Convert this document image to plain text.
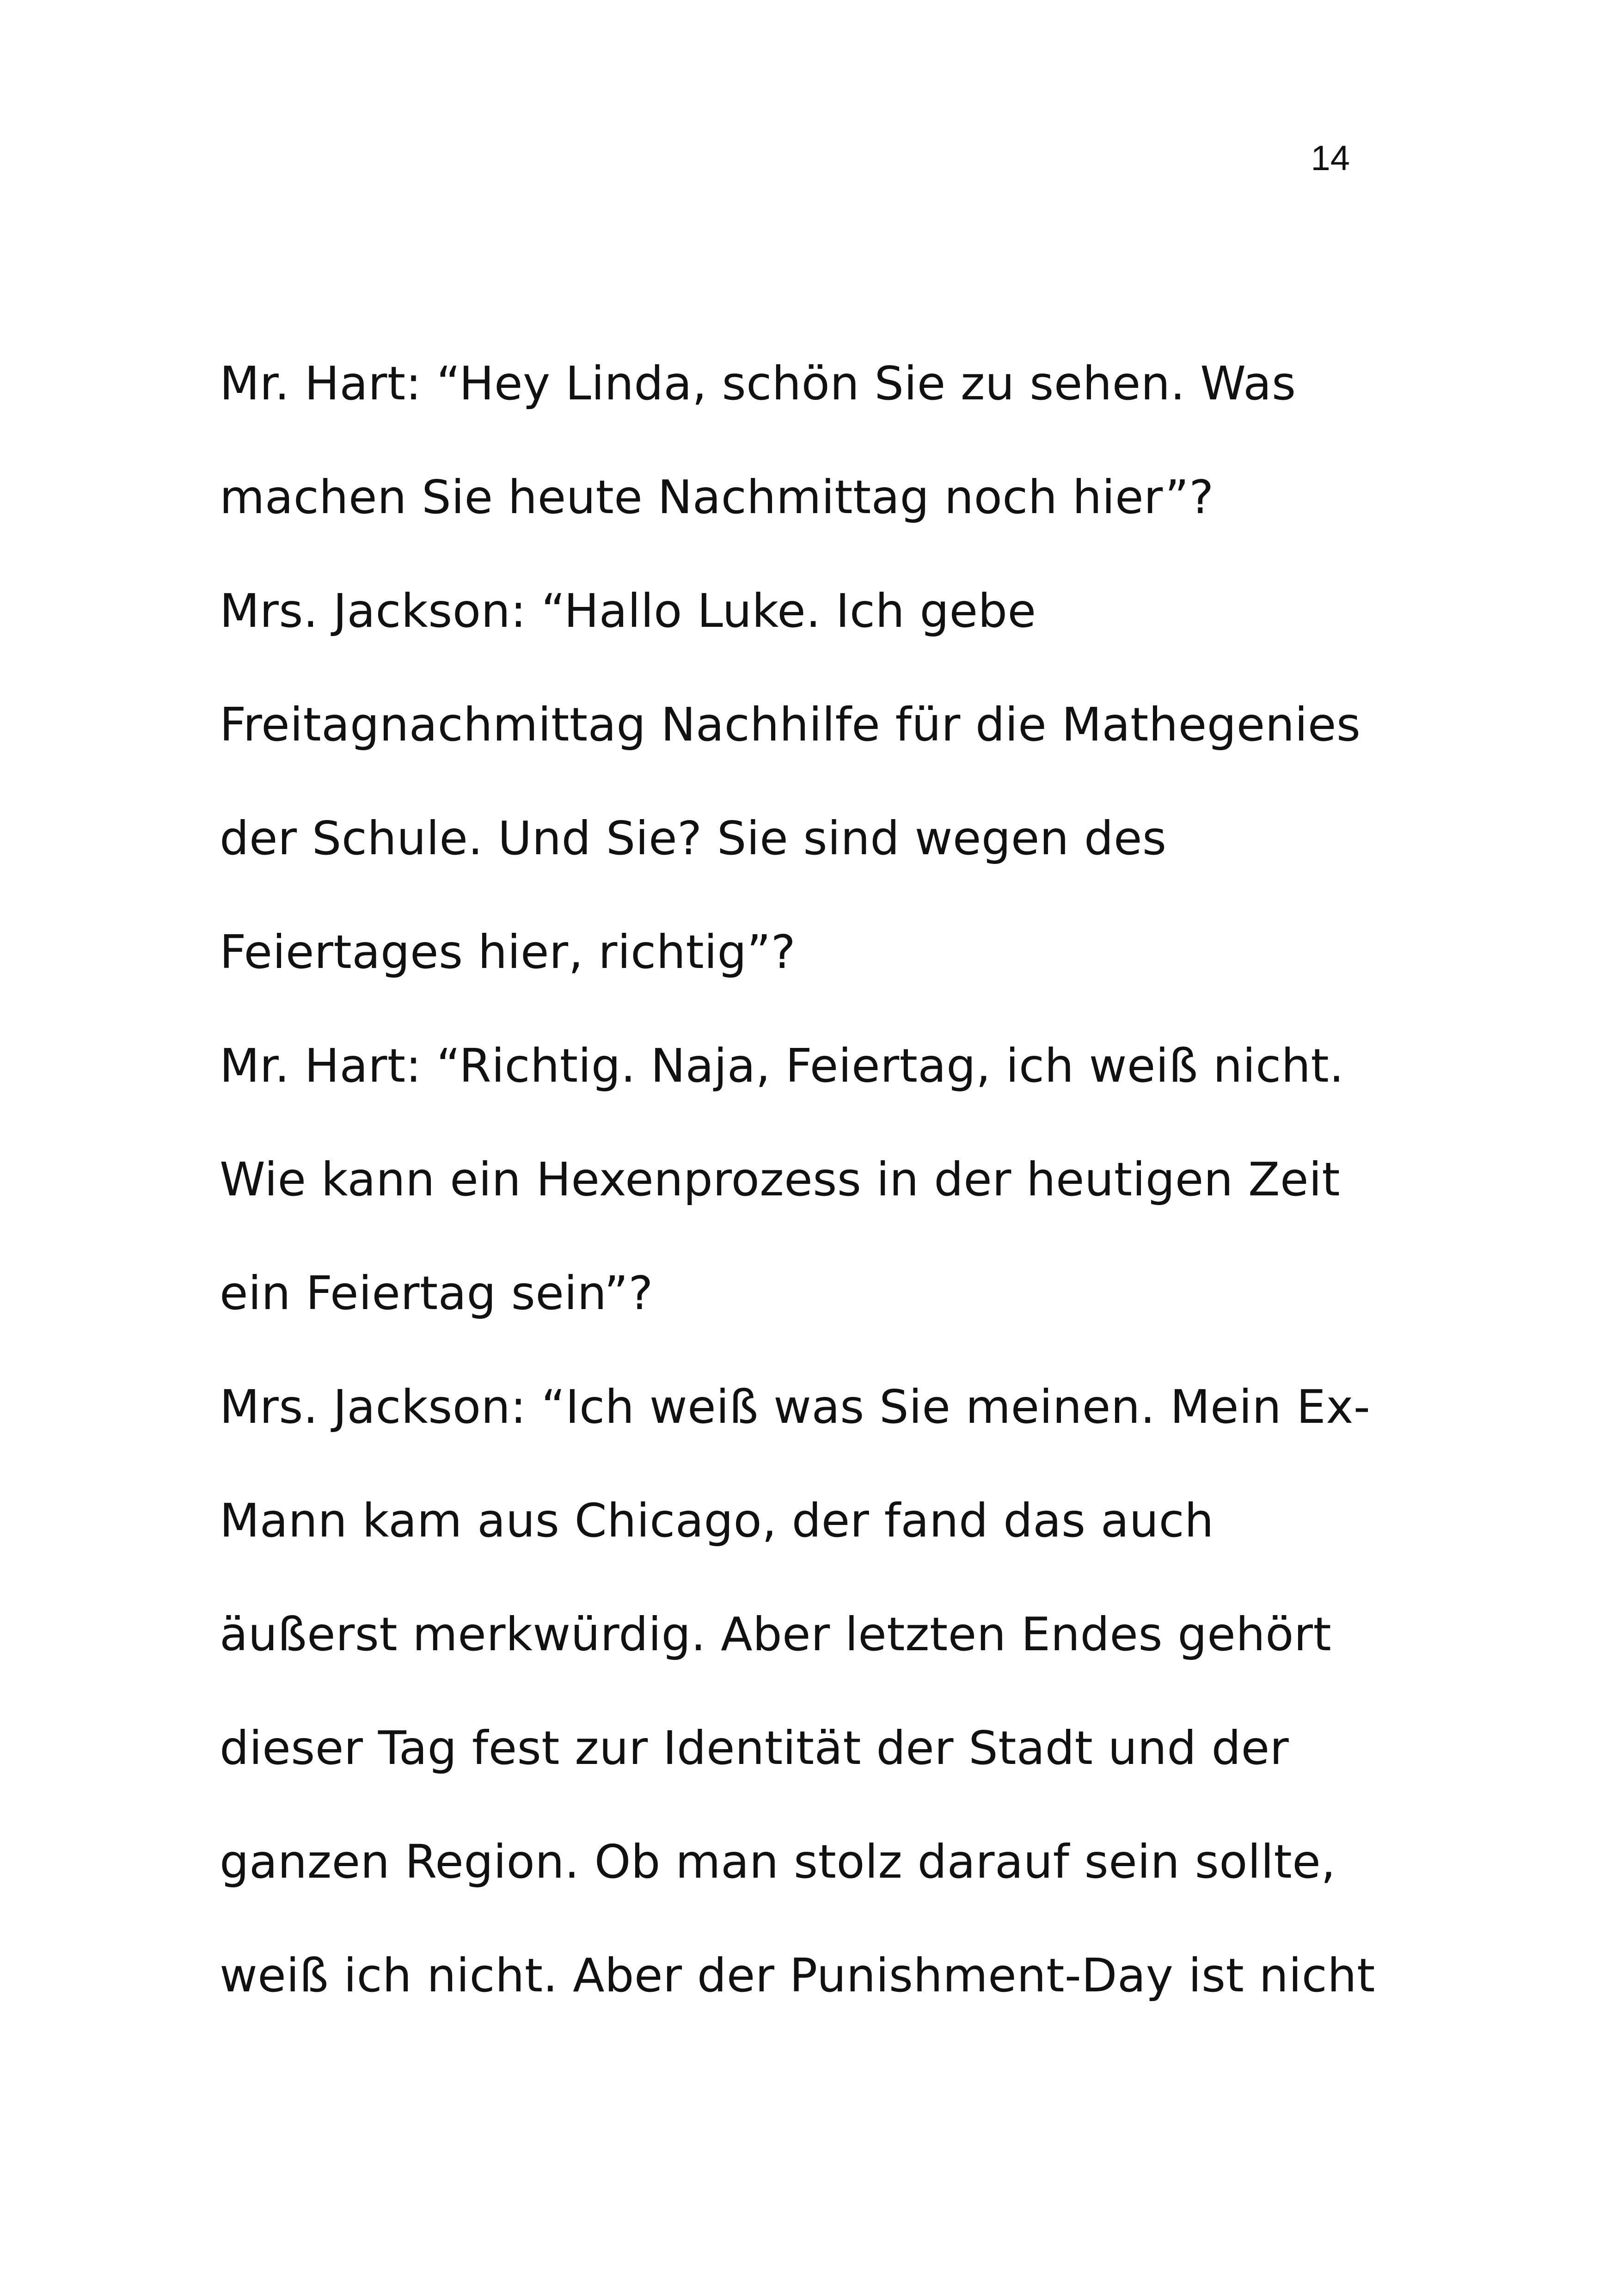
14
Mr. Hart: “Hey Linda, schön Sie zu sehen. Was
machen Sie heute Nachmittag noch hier”?
Mrs. Jackson: “Hallo Luke. Ich gebe
Freitagnachmittag Nachhilfe für die Mathegenies
der Schule. Und Sie? Sie sind wegen des
Feiertages hier, richtig”?
Mr. Hart: “Richtig. Naja, Feiertag, ich weiß nicht.
Wie kann ein Hexenprozess in der heutigen Zeit
ein Feiertag sein”?
Mrs. Jackson: “Ich weiß was Sie meinen. Mein Ex-
Mann kam aus Chicago, der fand das auch
äußerst merkwürdig. Aber letzten Endes gehört
dieser Tag fest zur Identität der Stadt und der
ganzen Region. Ob man stolz darauf sein sollte,
weiß ich nicht. Aber der Punishment-Day ist nicht
